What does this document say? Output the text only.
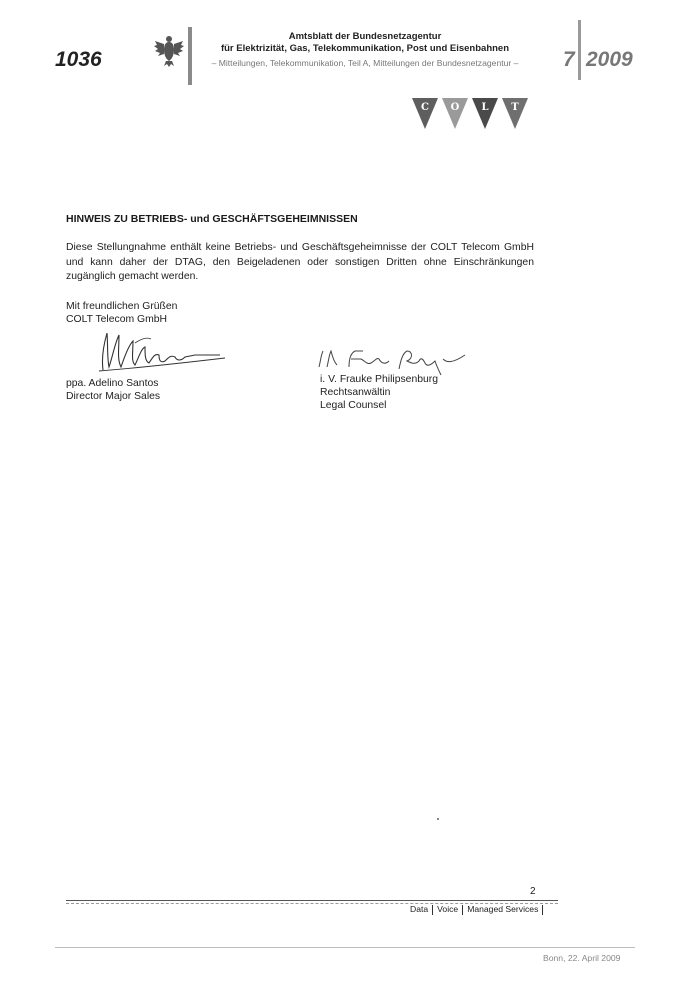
1036
Amtsblatt der Bundesnetzagentur
für Elektrizität, Gas, Telekommunikation, Post und Eisenbahnen
– Mitteilungen, Telekommunikation, Teil A, Mitteilungen der Bundesnetzagentur –	7 2009
C O L T
HINWEIS ZU BETRIEBS- und GESCHÄFTSGEHEIMNISSEN
Diese Stellungnahme enthält keine Betriebs- und Geschäftsgeheimnisse der COLT Telecom GmbH und kann daher der DTAG, den Beigeladenen oder sonstigen Dritten ohne Einschränkungen zugänglich gemacht werden.
Mit freundlichen Grüßen
COLT Telecom GmbH
ppa. Adelino Santos
Director Major Sales
i. V. Frauke Philipsenburg
Rechtsanwältin
Legal Counsel
2
Data Voice Managed Services
Bonn, 22. April 2009
